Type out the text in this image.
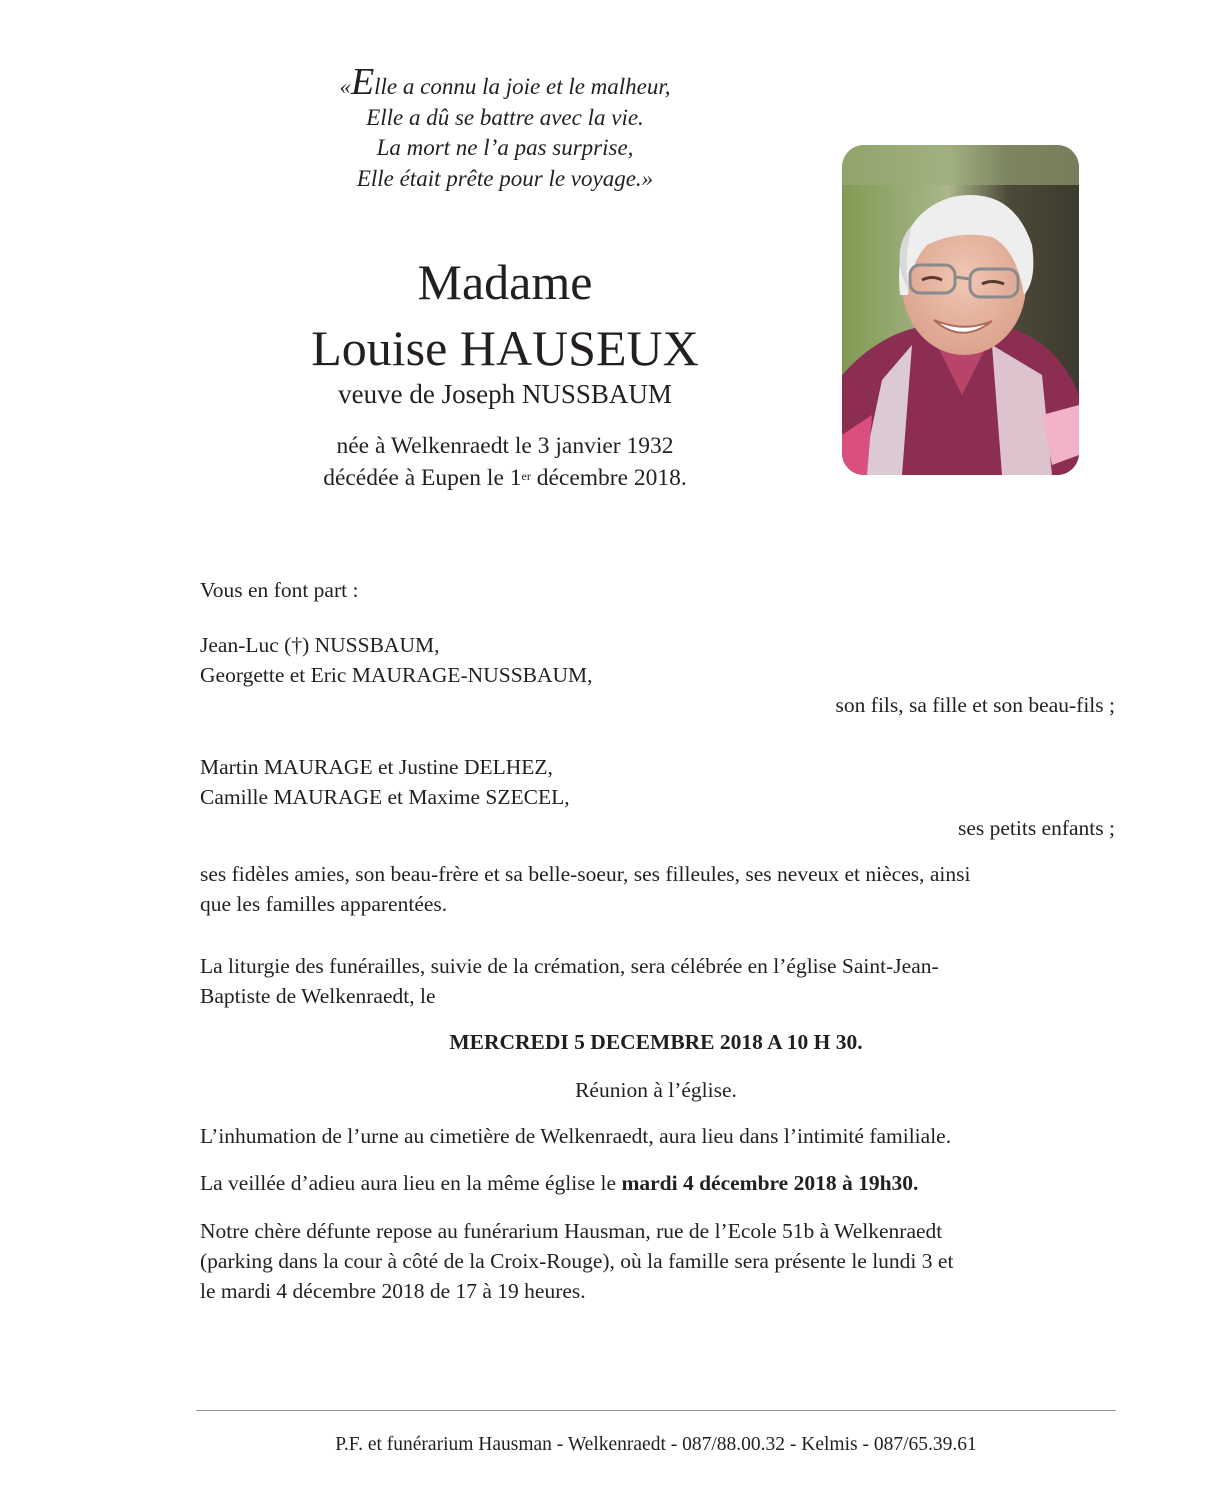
«Elle a connu la joie et le malheur,
Elle a dû se battre avec la vie.
La mort ne l’a pas surprise,
Elle était prête pour le voyage.»
Madame
Louise HAUSEUX
veuve de Joseph NUSSBAUM
née à Welkenraedt le 3 janvier 1932
décédée à Eupen le 1er décembre 2018.
Vous en font part :
Jean-Luc (†) NUSSBAUM,
Georgette et Eric MAURAGE-NUSSBAUM,
son fils, sa fille et son beau-fils ;
Martin MAURAGE et Justine DELHEZ,
Camille MAURAGE et Maxime SZECEL,
ses petits enfants ;
ses fidèles amies, son beau-frère et sa belle-soeur, ses filleules, ses neveux et nièces, ainsi
que les familles apparentées.
La liturgie des funérailles, suivie de la crémation, sera célébrée en l’église Saint-Jean-
Baptiste de Welkenraedt, le
MERCREDI 5 DECEMBRE 2018 A 10 H 30.
Réunion à l’église.
L’inhumation de l’urne au cimetière de Welkenraedt, aura lieu dans l’intimité familiale.
La veillée d’adieu aura lieu en la même église le mardi 4 décembre 2018 à 19h30.
Notre chère défunte repose au funérarium Hausman, rue de l’Ecole 51b à Welkenraedt
(parking dans la cour à côté de la Croix-Rouge), où la famille sera présente le lundi 3 et
le mardi 4 décembre 2018 de 17 à 19 heures.
P.F. et funérarium Hausman - Welkenraedt - 087/88.00.32 - Kelmis - 087/65.39.61
